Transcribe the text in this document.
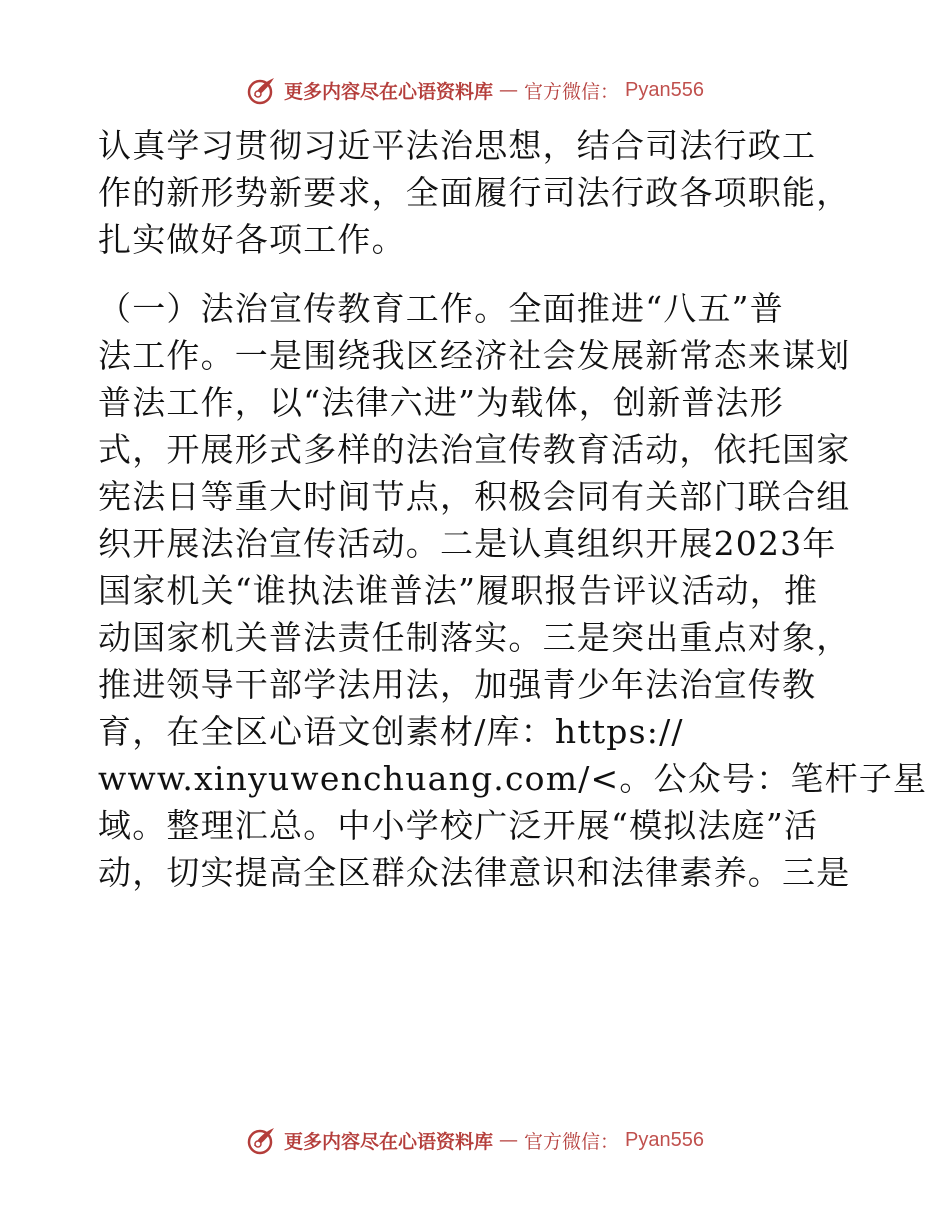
更多内容尽在心语资料库 — 官方微信： Pyan556
认真学习贯彻习近平法治思想，结合司法行政工
作的新形势新要求，全面履行司法行政各项职能，
扎实做好各项工作。
（一）法治宣传教育工作。全面推进“八五”普
法工作。一是围绕我区经济社会发展新常态来谋划
普法工作，以“法律六进”为载体，创新普法形
式，开展形式多样的法治宣传教育活动，依托国家
宪法日等重大时间节点，积极会同有关部门联合组
织开展法治宣传活动。二是认真组织开展2023年
国家机关“谁执法谁普法”履职报告评议活动，推
动国家机关普法责任制落实。三是突出重点对象，
推进领导干部学法用法，加强青少年法治宣传教
育，在全区心语文创素材/库：https://
www.xinyuwenchuang.com/<。公众号：笔杆子星
域。整理汇总。中小学校广泛开展“模拟法庭”活
动，切实提高全区群众法律意识和法律素养。三是
更多内容尽在心语资料库 — 官方微信： Pyan556
